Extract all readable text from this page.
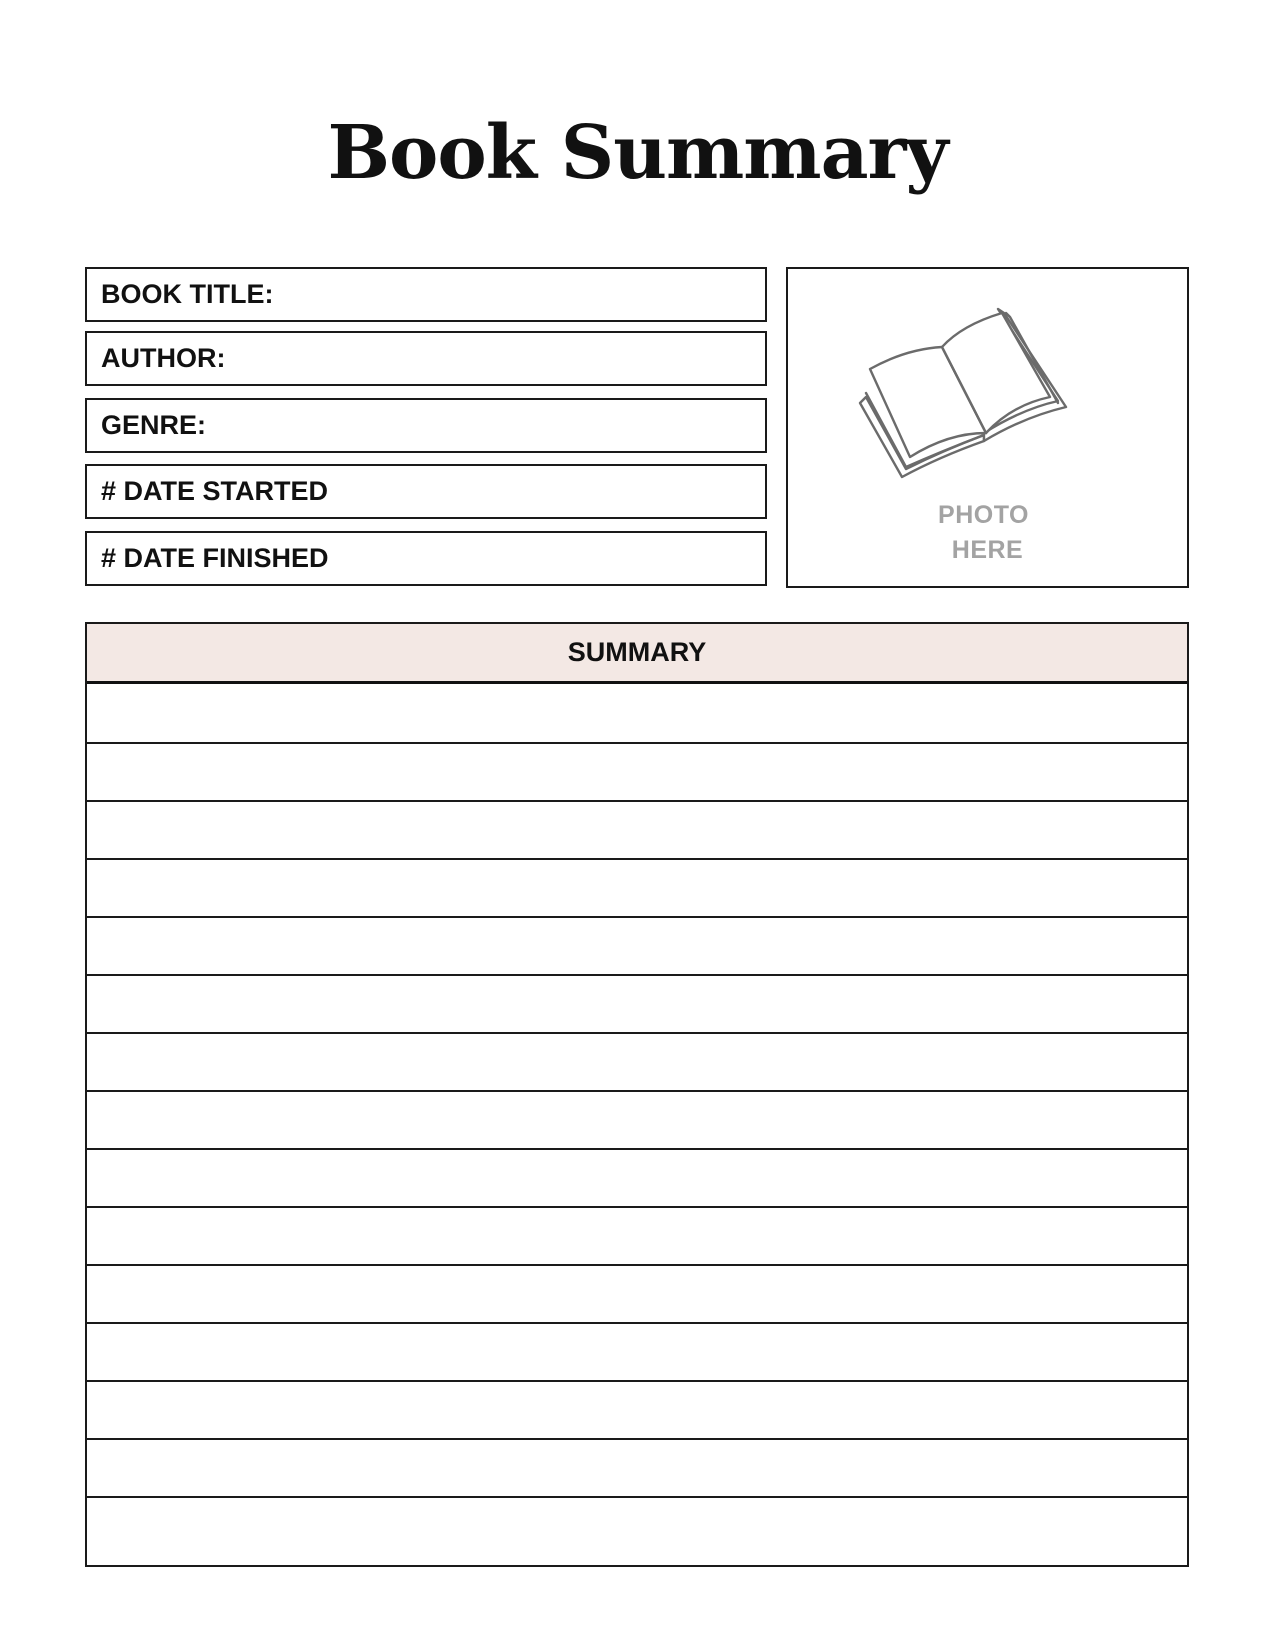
Book Summary
BOOK TITLE:
AUTHOR:
GENRE:
# DATE STARTED
# DATE FINISHED
PHOTO
HERE
SUMMARY
